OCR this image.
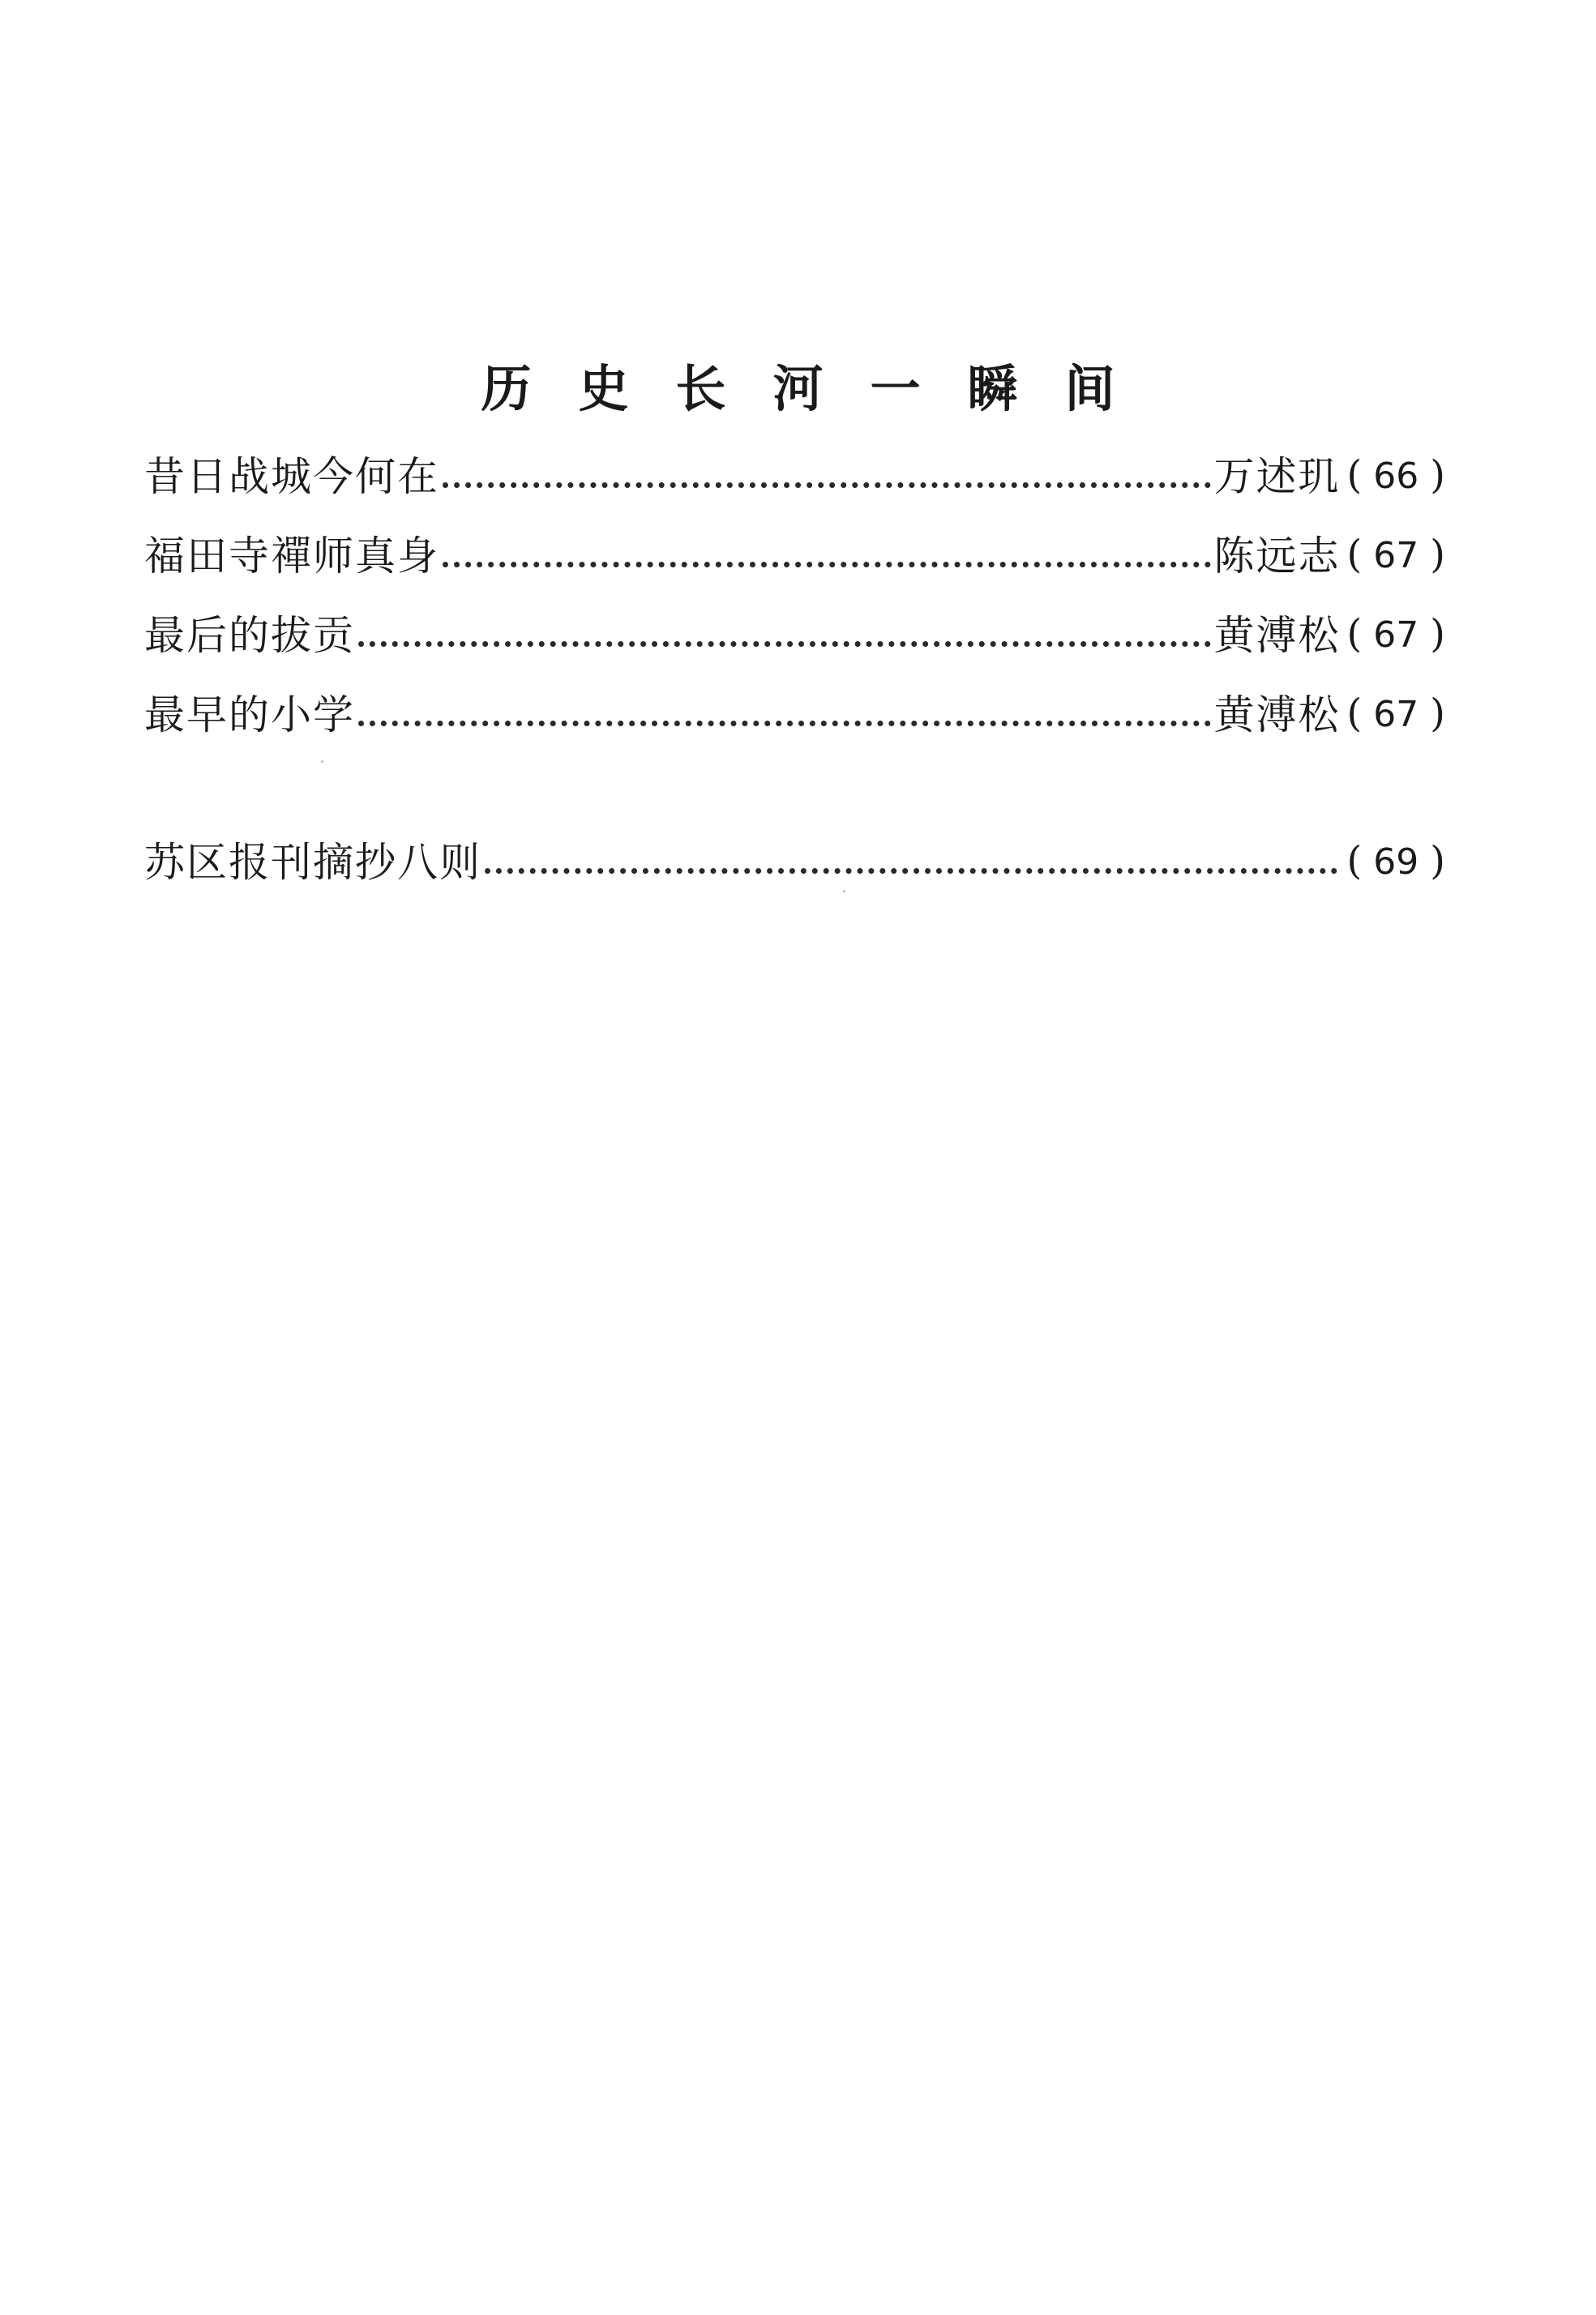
历史长河一瞬间
昔日战城今何在	万述玑 ( 66 )
福田寺禪师真身	陈远志 ( 67 )
最后的拔贡	黄溥松 ( 67 )
最早的小学	黄溥松 ( 67 )
苏区报刊摘抄八则	( 69 )
